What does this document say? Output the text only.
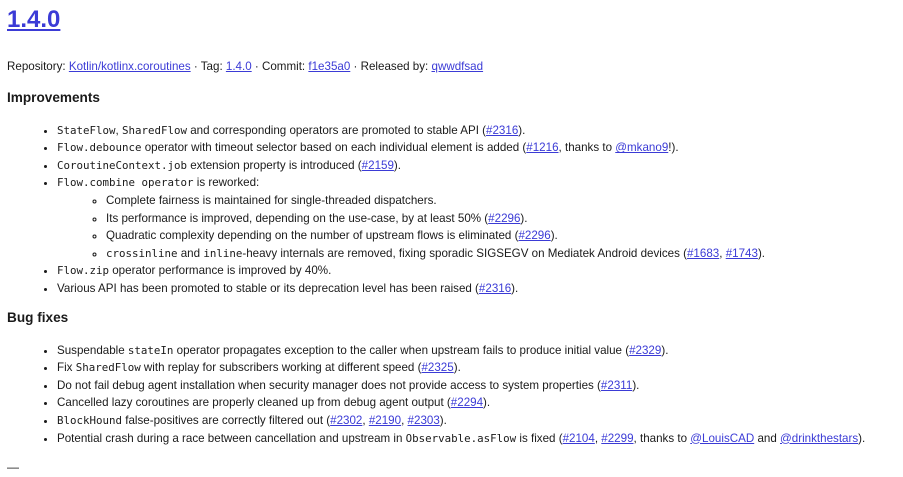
1.4.0
Repository: Kotlin/kotlinx.coroutines · Tag: 1.4.0 · Commit: f1e35a0 · Released by: qwwdfsad
Improvements
• StateFlow, SharedFlow and corresponding operators are promoted to stable API (#2316).
• Flow.debounce operator with timeout selector based on each individual element is added (#1216, thanks to @mkano9!).
• CoroutineContext.job extension property is introduced (#2159).
• Flow.combine operator is reworked:
◦ Complete fairness is maintained for single-threaded dispatchers.
◦ Its performance is improved, depending on the use-case, by at least 50% (#2296).
◦ Quadratic complexity depending on the number of upstream flows is eliminated (#2296).
◦ crossinline and inline-heavy internals are removed, fixing sporadic SIGSEGV on Mediatek Android devices (#1683, #1743).
• Flow.zip operator performance is improved by 40%.
• Various API has been promoted to stable or its deprecation level has been raised (#2316).
Bug fixes
• Suspendable stateIn operator propagates exception to the caller when upstream fails to produce initial value (#2329).
• Fix SharedFlow with replay for subscribers working at different speed (#2325).
• Do not fail debug agent installation when security manager does not provide access to system properties (#2311).
• Cancelled lazy coroutines are properly cleaned up from debug agent output (#2294).
• BlockHound false-positives are correctly filtered out (#2302, #2190, #2303).
• Potential crash during a race between cancellation and upstream in Observable.asFlow is fixed (#2104, #2299, thanks to @LouisCAD and @drinkthestars).
—
